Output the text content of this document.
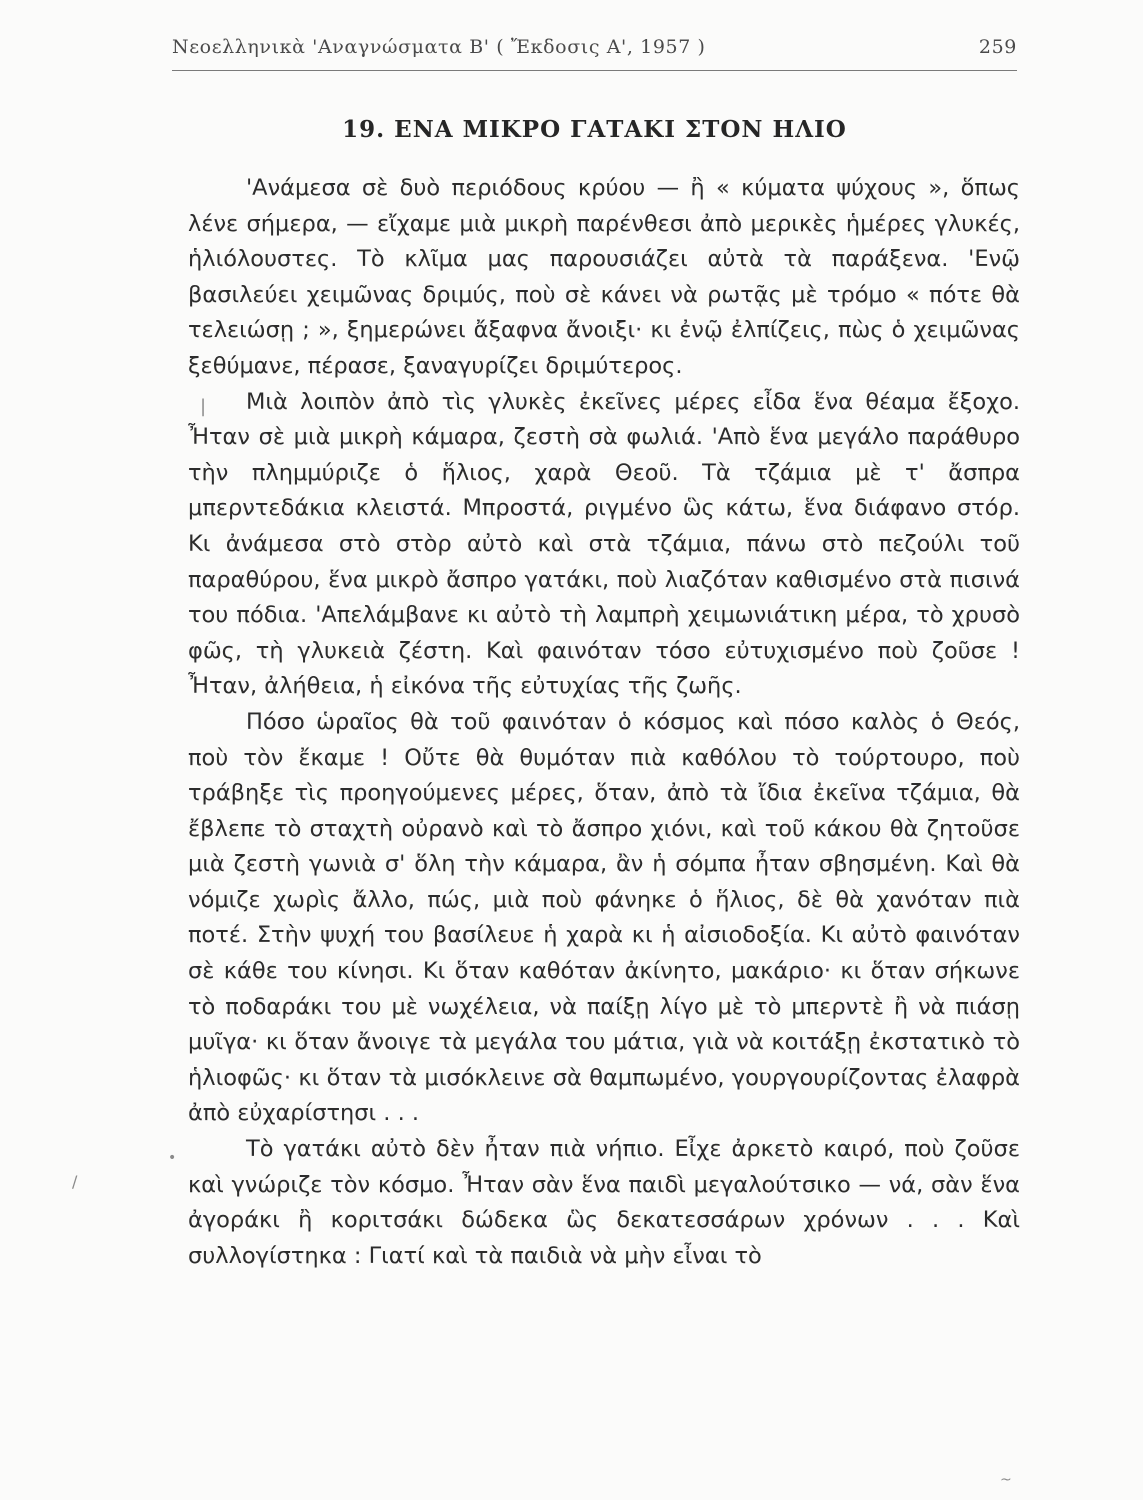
Νεοελληνικὰ 'Αναγνώσματα Β' ( Ἔκδοσις Α', 1957 )	259
19. ΕΝΑ ΜΙΚΡΟ ΓΑΤΑΚΙ ΣΤΟΝ ΗΛΙΟ

'Ανάμεσα σὲ δυὸ περιόδους κρύου — ἢ « κύματα ψύχους », ὅπως λένε σήμερα, — εἴχαμε μιὰ μικρὴ παρένθεσι ἀπὸ μερικὲς ἡμέρες γλυκές, ἡλιόλουστες. Τὸ κλῖμα μας παρουσιάζει αὐτὰ τὰ παράξενα. 'Ενῷ βασιλεύει χειμῶνας δριμύς, ποὺ σὲ κάνει νὰ ρωτᾷς μὲ τρόμο « πότε θὰ τελειώσῃ ; », ξημερώνει ἄξαφνα ἄνοιξι· κι ἐνῷ ἐλπίζεις, πὼς ὁ χειμῶνας ξεθύμανε, πέρασε, ξαναγυρίζει δριμύτερος.

Μιὰ λοιπὸν ἀπὸ τὶς γλυκὲς ἐκεῖνες μέρες εἶδα ἕνα θέαμα ἔξοχο. Ἦταν σὲ μιὰ μικρὴ κάμαρα, ζεστὴ σὰ φωλιά. 'Απὸ ἕνα μεγάλο παράθυρο τὴν πλημμύριζε ὁ ἥλιος, χαρὰ Θεοῦ. Τὰ τζάμια μὲ τ' ἄσπρα μπερντεδάκια κλειστά. Μπροστά, ριγμένο ὣς κάτω, ἕνα διάφανο στόρ. Κι ἀνάμεσα στὸ στὸρ αὐτὸ καὶ στὰ τζάμια, πάνω στὸ πεζούλι τοῦ παραθύρου, ἕνα μικρὸ ἄσπρο γατάκι, ποὺ λιαζόταν καθισμένο στὰ πισινά του πόδια. 'Απελάμβανε κι αὐτὸ τὴ λαμπρὴ χειμωνιάτικη μέρα, τὸ χρυσὸ φῶς, τὴ γλυκειὰ ζέστη. Καὶ φαινόταν τόσο εὐτυχισμένο ποὺ ζοῦσε ! Ἦταν, ἀλήθεια, ἡ εἰκόνα τῆς εὐτυχίας τῆς ζωῆς.

Πόσο ὡραῖος θὰ τοῦ φαινόταν ὁ κόσμος καὶ πόσο καλὸς ὁ Θεός, ποὺ τὸν ἔκαμε ! Οὔτε θὰ θυμόταν πιὰ καθόλου τὸ τούρτουρο, ποὺ τράβηξε τὶς προηγούμενες μέρες, ὅταν, ἀπὸ τὰ ἴδια ἐκεῖνα τζάμια, θὰ ἔβλεπε τὸ σταχτὴ οὐρανὸ καὶ τὸ ἄσπρο χιόνι, καὶ τοῦ κάκου θὰ ζητοῦσε μιὰ ζεστὴ γωνιὰ σ' ὅλη τὴν κάμαρα, ἂν ἡ σόμπα ἦταν σβησμένη. Καὶ θὰ νόμιζε χωρὶς ἄλλο, πώς, μιὰ ποὺ φάνηκε ὁ ἥλιος, δὲ θὰ χανόταν πιὰ ποτέ. Στὴν ψυχή του βασίλευε ἡ χαρὰ κι ἡ αἰσιοδοξία. Κι αὐτὸ φαινόταν σὲ κάθε του κίνησι. Κι ὅταν καθόταν ἀκίνητο, μακάριο· κι ὅταν σήκωνε τὸ ποδαράκι του μὲ νωχέλεια, νὰ παίξῃ λίγο μὲ τὸ μπερντὲ ἢ νὰ πιάσῃ μυῖγα· κι ὅταν ἄνοιγε τὰ μεγάλα του μάτια, γιὰ νὰ κοιτάξῃ ἐκστατικὸ τὸ ἡλιοφῶς· κι ὅταν τὰ μισόκλεινε σὰ θαμπωμένο, γουργουρίζοντας ἐλαφρὰ ἀπὸ εὐχαρίστησι . . .

Τὸ γατάκι αὐτὸ δὲν ἦταν πιὰ νήπιο. Εἶχε ἀρκετὸ καιρό, ποὺ ζοῦσε καὶ γνώριζε τὸν κόσμο. Ἦταν σὰν ἕνα παιδὶ μεγαλούτσικο — νά, σὰν ἕνα ἀγοράκι ἢ κοριτσάκι δώδεκα ὣς δεκατεσσάρων χρόνων . . . Καὶ συλλογίστηκα : Γιατί καὶ τὰ παιδιὰ νὰ μὴν εἶναι τὸ

|
•
/
~
